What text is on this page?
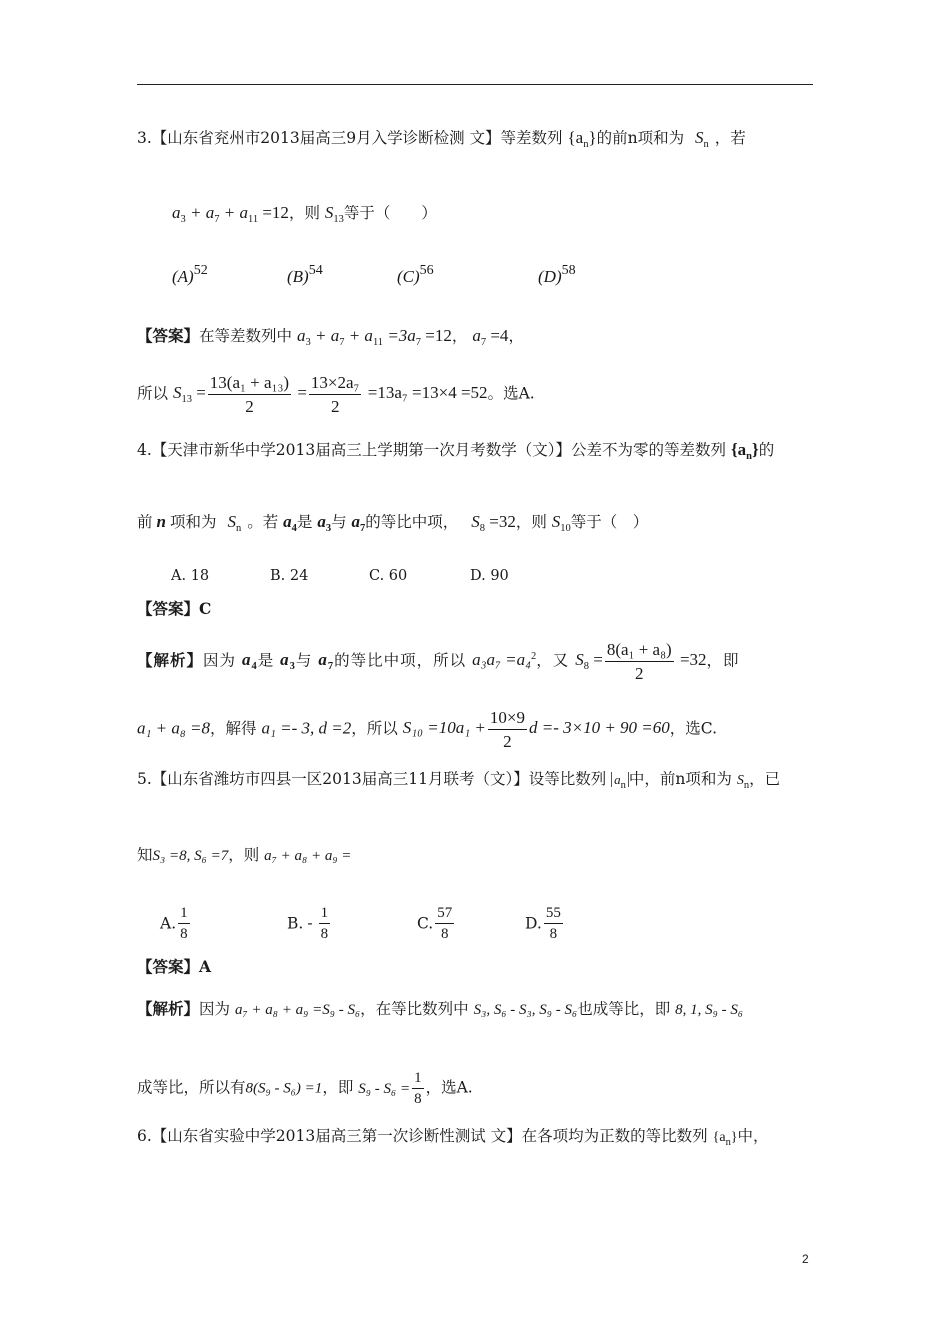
3.【山东省兖州市2013届高三9月入学诊断检测 文】等差数列 $\{a_n\}$的前n项和为 $S_n$ ，若
$a_3 + a_7 + a_{11} =12$，则 $S_{13}$等于（　　）
$(A)^{52}$	$(B)^{54}$	$(C)^{56}$	$(D)^{58}$
【答案】在等差数列中 $a_3 + a_7 + a_{11} =3a_7 =12$， $a_7 =4$，
所以 $S_{13} = \frac{\text{13(a₁ + a₁₃)}}{2} = \frac{\text{13×2a₇}}{2} =13a_7 =13\times 4 =52$。选A.
4.【天津市新华中学2013届高三上学期第一次月考数学（文）】公差不为零的等差数列 $\{a_n\}$的
前 n 项和为 $S_n$ 。若 $a_4$是 $a_3$与 $a_7$的等比中项， $S_8 =32$，则 $S_{10}$等于（　）
A. 18	B. 24	C. 60	D. 90
【答案】C
【解析】因为 $a_4$是 $a_3$与 $a_7$的等比中项，所以 a₃a₇ =a₄$^2$，又 $S_8 = \frac{\text{8(a₁ + a₈)}}{2} =32$，即
a₁ + a₈ =8，解得 a₁ =- 3, d =2，所以 $S_{10} =10a_1 + \frac{10\times 9}{2}$ d =- 3×10 + 90 =60，选C.
5.【山东省潍坊市四县一区2013届高三11月联考（文）】设等比数列 $a_n$ 中，前n项和为 $S_n$，已
知S₃ =8, S₆ =7，则 a₇ + a₈ + a₉ =
A. $\frac{1}{8}$	B. - $\frac{1}{8}$	C. $\frac{57}{8}$	D. $\frac{55}{8}$
【答案】A
【解析】因为 a₇ + a₈ + a₉ =S₉ - S₆，在等比数列中 S₃, S₆ - S₃, S₉ - S₆也成等比，即 8, 1, S₉ - S₆
成等比，所以有8(S₉ - S₆) =1，即 $S_9 - S_6 = \frac{1}{8}$ ，选A.
6.【山东省实验中学2013届高三第一次诊断性测试 文】在各项均为正数的等比数列 $\{a_n\}$中，
2
